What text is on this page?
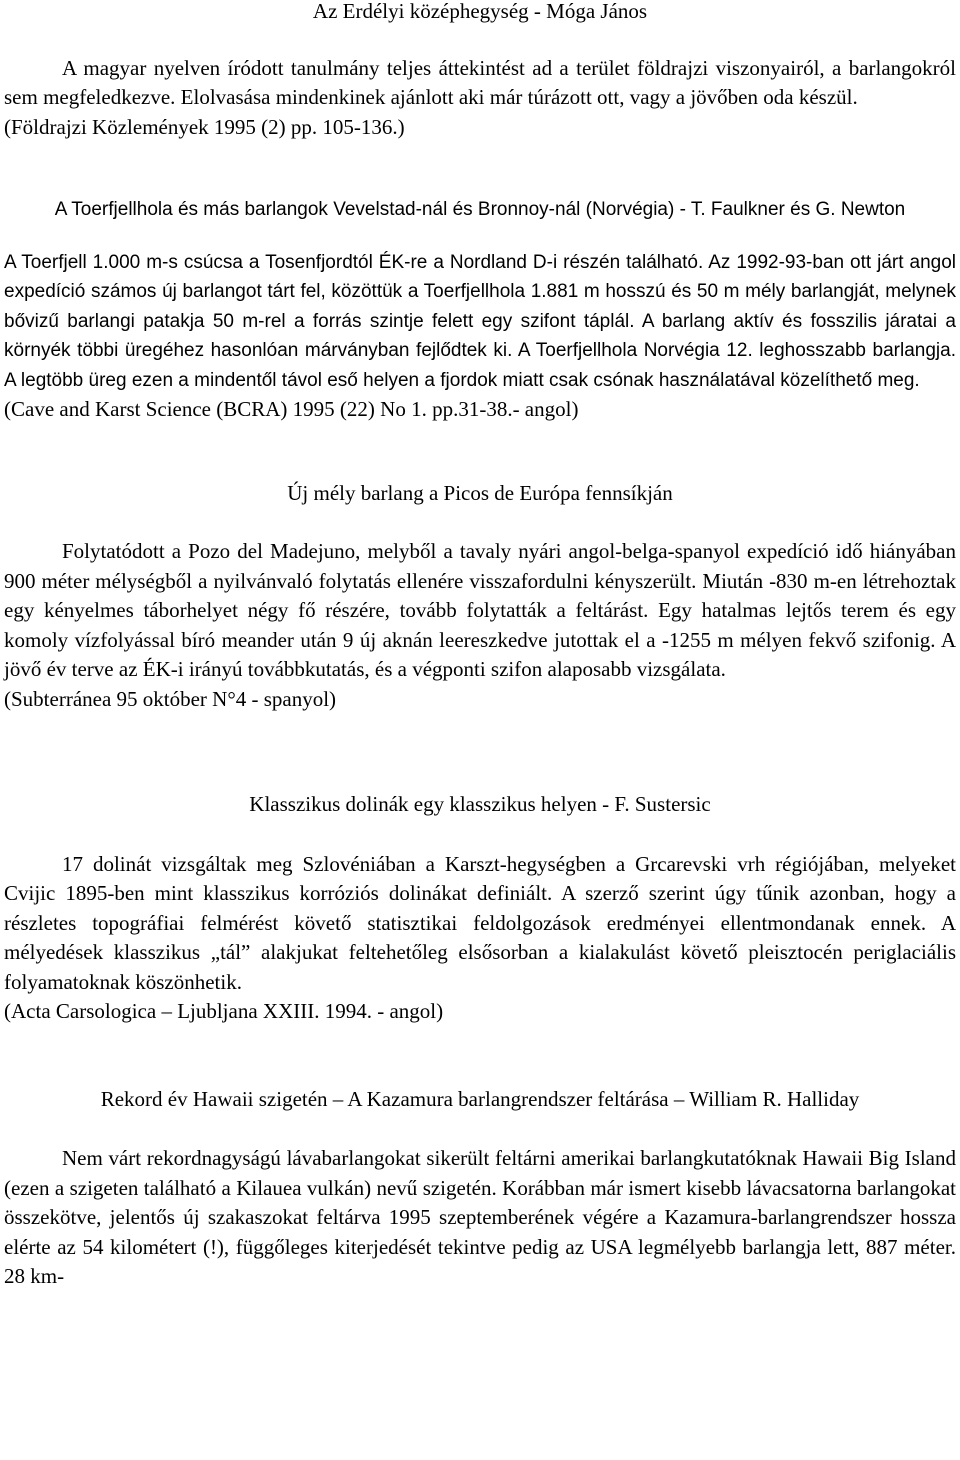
Az Erdélyi középhegység - Móga János

A magyar nyelven íródott tanulmány teljes áttekintést ad a terület földrajzi viszonyairól, a barlangokról sem megfeledkezve. Elolvasása mindenkinek ajánlott aki már túrázott ott, vagy a jövőben oda készül.

(Földrajzi Közlemények 1995 (2) pp. 105-136.)

A Toerfjellhola és más barlangok Vevelstad-nál és Bronnoy-nál (Norvégia) - T. Faulkner és G. Newton

A Toerfjell 1.000 m-s csúcsa a Tosenfjordtól ÉK-re a Nordland D-i részén található. Az 1992-93-ban ott járt angol expedíció számos új barlangot tárt fel, közöttük a Toerfjellhola 1.881 m hosszú és 50 m mély barlangját, melynek bővizű barlangi patakja 50 m-rel a forrás szintje felett egy szifont táplál. A barlang aktív és fosszilis járatai a környék többi üregéhez hasonlóan márványban fejlődtek ki. A Toerfjellhola Norvégia 12. leghosszabb barlangja. A legtöbb üreg ezen a mindentől távol eső helyen a fjordok miatt csak csónak használatával közelíthető meg.

(Cave and Karst Science (BCRA) 1995 (22) No 1. pp.31-38.- angol)

Új mély barlang a Picos de Európa fennsíkján

Folytatódott a Pozo del Madejuno, melyből a tavaly nyári angol-belga-spanyol expedíció idő hiányában 900 méter mélységből a nyilvánvaló folytatás ellenére visszafordulni kényszerült. Miután -830 m-en létrehoztak egy kényelmes táborhelyet négy fő részére, tovább folytatták a feltárást. Egy hatalmas lejtős terem és egy komoly vízfolyással bíró meander után 9 új aknán leereszkedve jutottak el a -1255 m mélyen fekvő szifonig. A jövő év terve az ÉK-i irányú továbbkutatás, és a végponti szifon alaposabb vizsgálata.

(Subterránea 95 október N°4 - spanyol)

Klasszikus dolinák egy klasszikus helyen - F. Sustersic

17 dolinát vizsgáltak meg Szlovéniában a Karszt-hegységben a Grcarevski vrh régiójában, melyeket Cvijic 1895-ben mint klasszikus korróziós dolinákat definiált. A szerző szerint úgy tűnik azonban, hogy a részletes topográfiai felmérést követő statisztikai feldolgozások eredményei ellentmondanak ennek. A mélyedések klasszikus „tál” alakjukat feltehetőleg elsősorban a kialakulást követő pleisztocén periglaciális folyamatoknak köszönhetik.

(Acta Carsologica – Ljubljana XXIII. 1994. - angol)

Rekord év Hawaii szigetén – A Kazamura barlangrendszer feltárása – William R. Halliday

Nem várt rekordnagyságú lávabarlangokat sikerült feltárni amerikai barlangkutatóknak Hawaii Big Island (ezen a szigeten található a Kilauea vulkán) nevű szigetén. Korábban már ismert kisebb lávacsatorna barlangokat összekötve, jelentős új szakaszokat feltárva 1995 szeptemberének végére a Kazamura-barlangrendszer hossza elérte az 54 kilométert (!), függőleges kiterjedését tekintve pedig az USA legmélyebb barlangja lett, 887 méter. 28 km-
